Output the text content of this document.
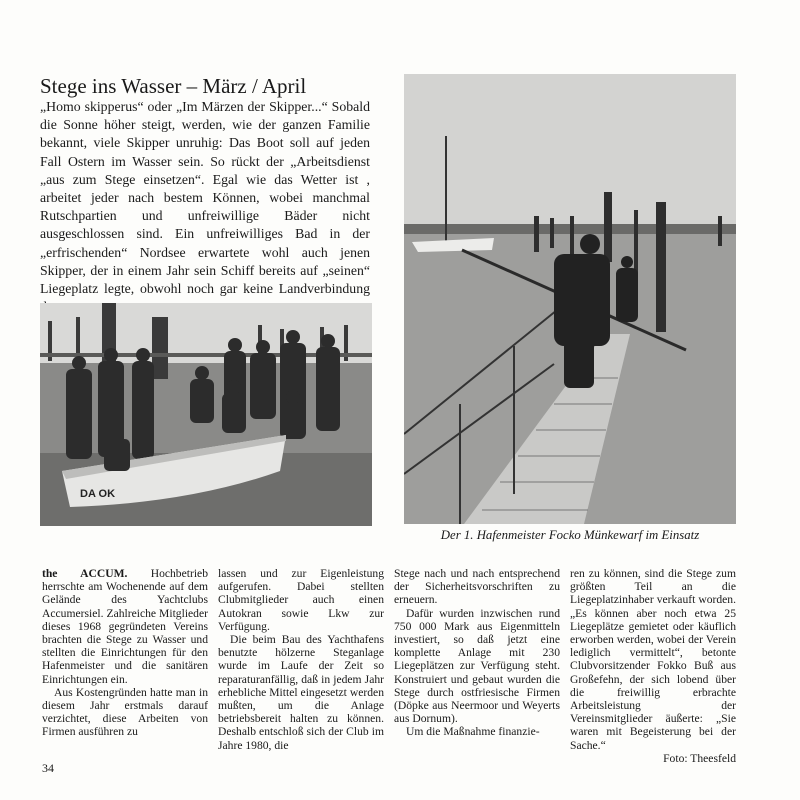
Stege ins Wasser – März / April

„Homo skipperus“ oder „Im Märzen der Skipper...“ Sobald die Sonne höher steigt, werden, wie der ganzen Familie bekannt, viele Skipper unruhig: Das Boot soll auf jeden Fall Ostern im Wasser sein. So rückt der „Arbeitsdienst „aus zum Stege einsetzen“. Egal wie das Wetter ist , arbeitet jeder nach bestem Können, wobei manchmal Rutschpartien und unfreiwillige Bäder nicht ausgeschlossen sind. Ein unfreiwilliges Bad in der „erfrischenden“ Nordsee erwartete wohl auch jenen Skipper, der in einem Jahr sein Schiff bereits auf „seinen“ Liegeplatz legte, obwohl noch gar keine Landverbindung

DA OK
Der 1. Hafenmeister Focko Münkewarf im Einsatz

the ACCUM. Hochbetrieb herrschte am Wochenende auf dem Gelände des Yachtclubs Accumersiel. Zahlreiche Mitglieder dieses 1968 gegründeten Vereins brachten die Stege zu Wasser und stellten die Einrichtungen für den Hafenmeister und die sanitären Einrichtungen ein.

Aus Kostengründen hatte man in diesem Jahr erstmals darauf verzichtet, diese Arbeiten von Firmen ausführen zu

lassen und zur Eigenleistung aufgerufen. Dabei stellten Clubmitglieder auch einen Autokran sowie Lkw zur Verfügung.

Die beim Bau des Yachthafens benutzte hölzerne Steganlage wurde im Laufe der Zeit so reparaturanfällig, daß in jedem Jahr erhebliche Mittel eingesetzt werden mußten, um die Anlage betriebsbereit halten zu können. Deshalb entschloß sich der Club im Jahre 1980, die

Stege nach und nach entsprechend der Sicherheitsvorschriften zu erneuern.

Dafür wurden inzwischen rund 750 000 Mark aus Eigenmitteln investiert, so daß jetzt eine komplette Anlage mit 230 Liegeplätzen zur Verfügung steht. Konstruiert und gebaut wurden die Stege durch ostfriesische Firmen (Döpke aus Neermoor und Weyerts aus Dornum).

Um die Maßnahme finanzie-

ren zu können, sind die Stege zum größten Teil an die Liegeplatzinhaber verkauft worden. „Es können aber noch etwa 25 Liegeplätze gemietet oder käuflich erworben werden, wobei der Verein lediglich vermittelt“, betonte Clubvorsitzender Fokko Buß aus Großefehn, der sich lobend über die freiwillig erbrachte Arbeitsleistung der Vereinsmitglieder äußerte: „Sie waren mit Begeisterung bei der Sache.“

Foto: Theesfeld

34
